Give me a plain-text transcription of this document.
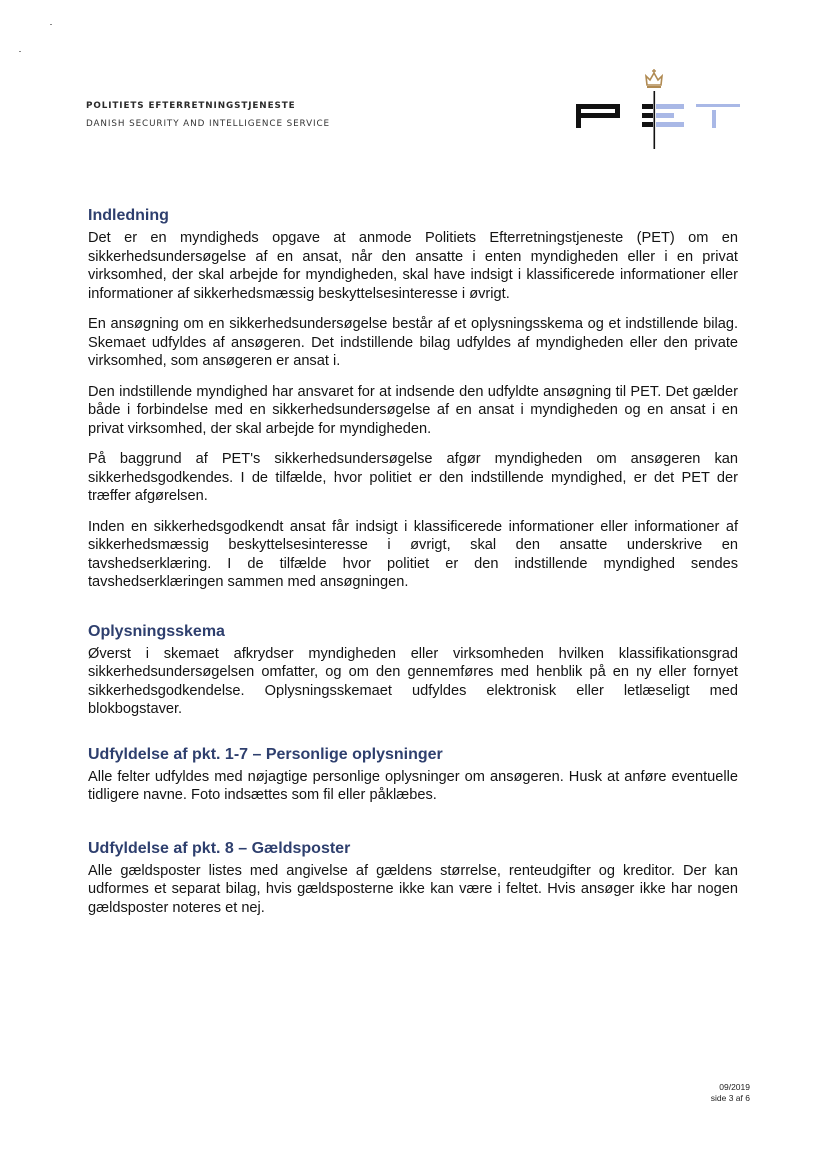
POLITIETS EFTERRETNINGSTJENESTE
DANISH SECURITY AND INTELLIGENCE SERVICE
Indledning

Det er en myndigheds opgave at anmode Politiets Efterretningstjeneste (PET) om en sikkerhedsundersøgelse af en ansat, når den ansatte i enten myndigheden eller i en privat virksomhed, der skal arbejde for myndigheden, skal have indsigt i klassificerede informationer eller informationer af sikkerhedsmæssig beskyttelsesinteresse i øvrigt.

En ansøgning om en sikkerhedsundersøgelse består af et oplysningsskema og et indstillende bilag. Skemaet udfyldes af ansøgeren. Det indstillende bilag udfyldes af myndigheden eller den private virksomhed, som ansøgeren er ansat i.

Den indstillende myndighed har ansvaret for at indsende den udfyldte ansøgning til PET. Det gælder både i forbindelse med en sikkerhedsundersøgelse af en ansat i myndigheden og en ansat i en privat virksomhed, der skal arbejde for myndigheden.

På baggrund af PET's sikkerhedsundersøgelse afgør myndigheden om ansøgeren kan sikkerhedsgodkendes. I de tilfælde, hvor politiet er den indstillende myndighed, er det PET der træffer afgørelsen.

Inden en sikkerhedsgodkendt ansat får indsigt i klassificerede informationer eller informationer af sikkerhedsmæssig beskyttelsesinteresse i øvrigt, skal den ansatte underskrive en tavshedserklæring. I de tilfælde hvor politiet er den indstillende myndighed sendes tavshedserklæringen sammen med ansøgningen.

Oplysningsskema

Øverst i skemaet afkrydser myndigheden eller virksomheden hvilken klassifikationsgrad sikkerhedsundersøgelsen omfatter, og om den gennemføres med henblik på en ny eller fornyet sikkerhedsgodkendelse. Oplysningsskemaet udfyldes elektronisk eller letlæseligt med blokbogstaver.

Udfyldelse af pkt. 1-7 – Personlige oplysninger

Alle felter udfyldes med nøjagtige personlige oplysninger om ansøgeren. Husk at anføre eventuelle tidligere navne. Foto indsættes som fil eller påklæbes.

Udfyldelse af pkt. 8 – Gældsposter

Alle gældsposter listes med angivelse af gældens størrelse, renteudgifter og kreditor. Der kan udformes et separat bilag, hvis gældsposterne ikke kan være i feltet. Hvis ansøger ikke har nogen gældsposter noteres et nej.

09/2019
side 3 af 6
